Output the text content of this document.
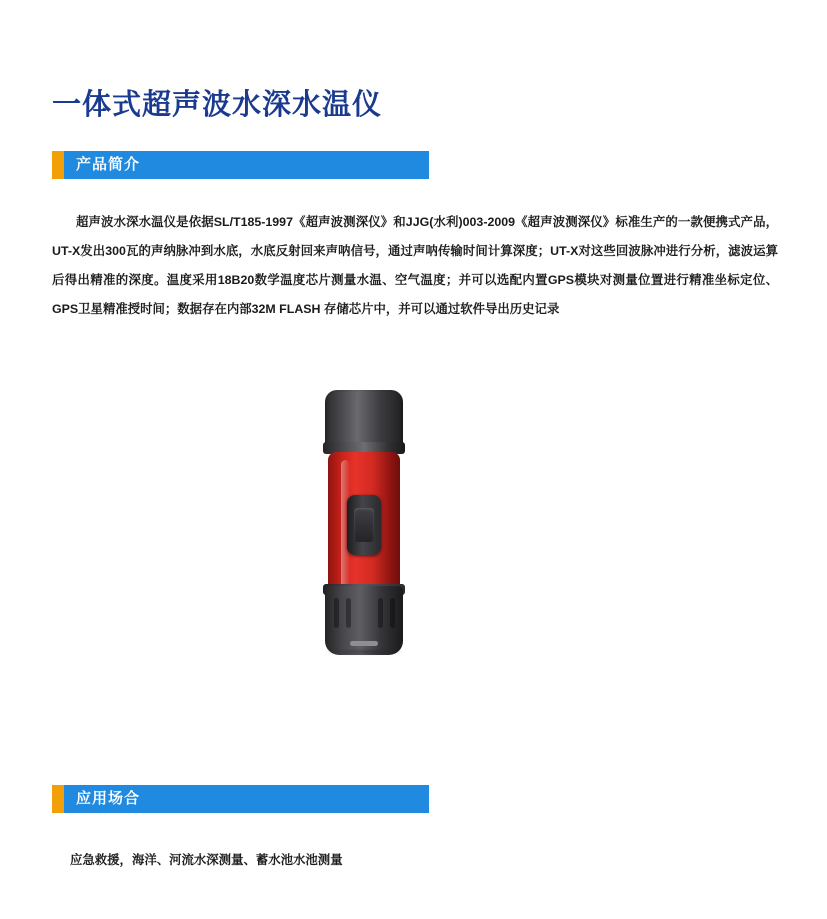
一体式超声波水深水温仪
产品简介
超声波水深水温仪是依据SL/T185-1997《超声波测深仪》和JJG(水利)003-2009《超声波测深仪》标准生产的一款便携式产品，UT-X发出300瓦的声纳脉冲到水底，水底反射回来声呐信号，通过声呐传输时间计算深度；UT-X对这些回波脉冲进行分析，滤波运算后得出精准的深度。温度采用18B20数学温度芯片测量水温、空气温度；并可以选配内置GPS模块对测量位置进行精准坐标定位、GPS卫星精准授时间；数据存在内部32M FLASH 存储芯片中，并可以通过软件导出历史记录
应用场合
应急救援，海洋、河流水深测量、蓄水池水池测量
